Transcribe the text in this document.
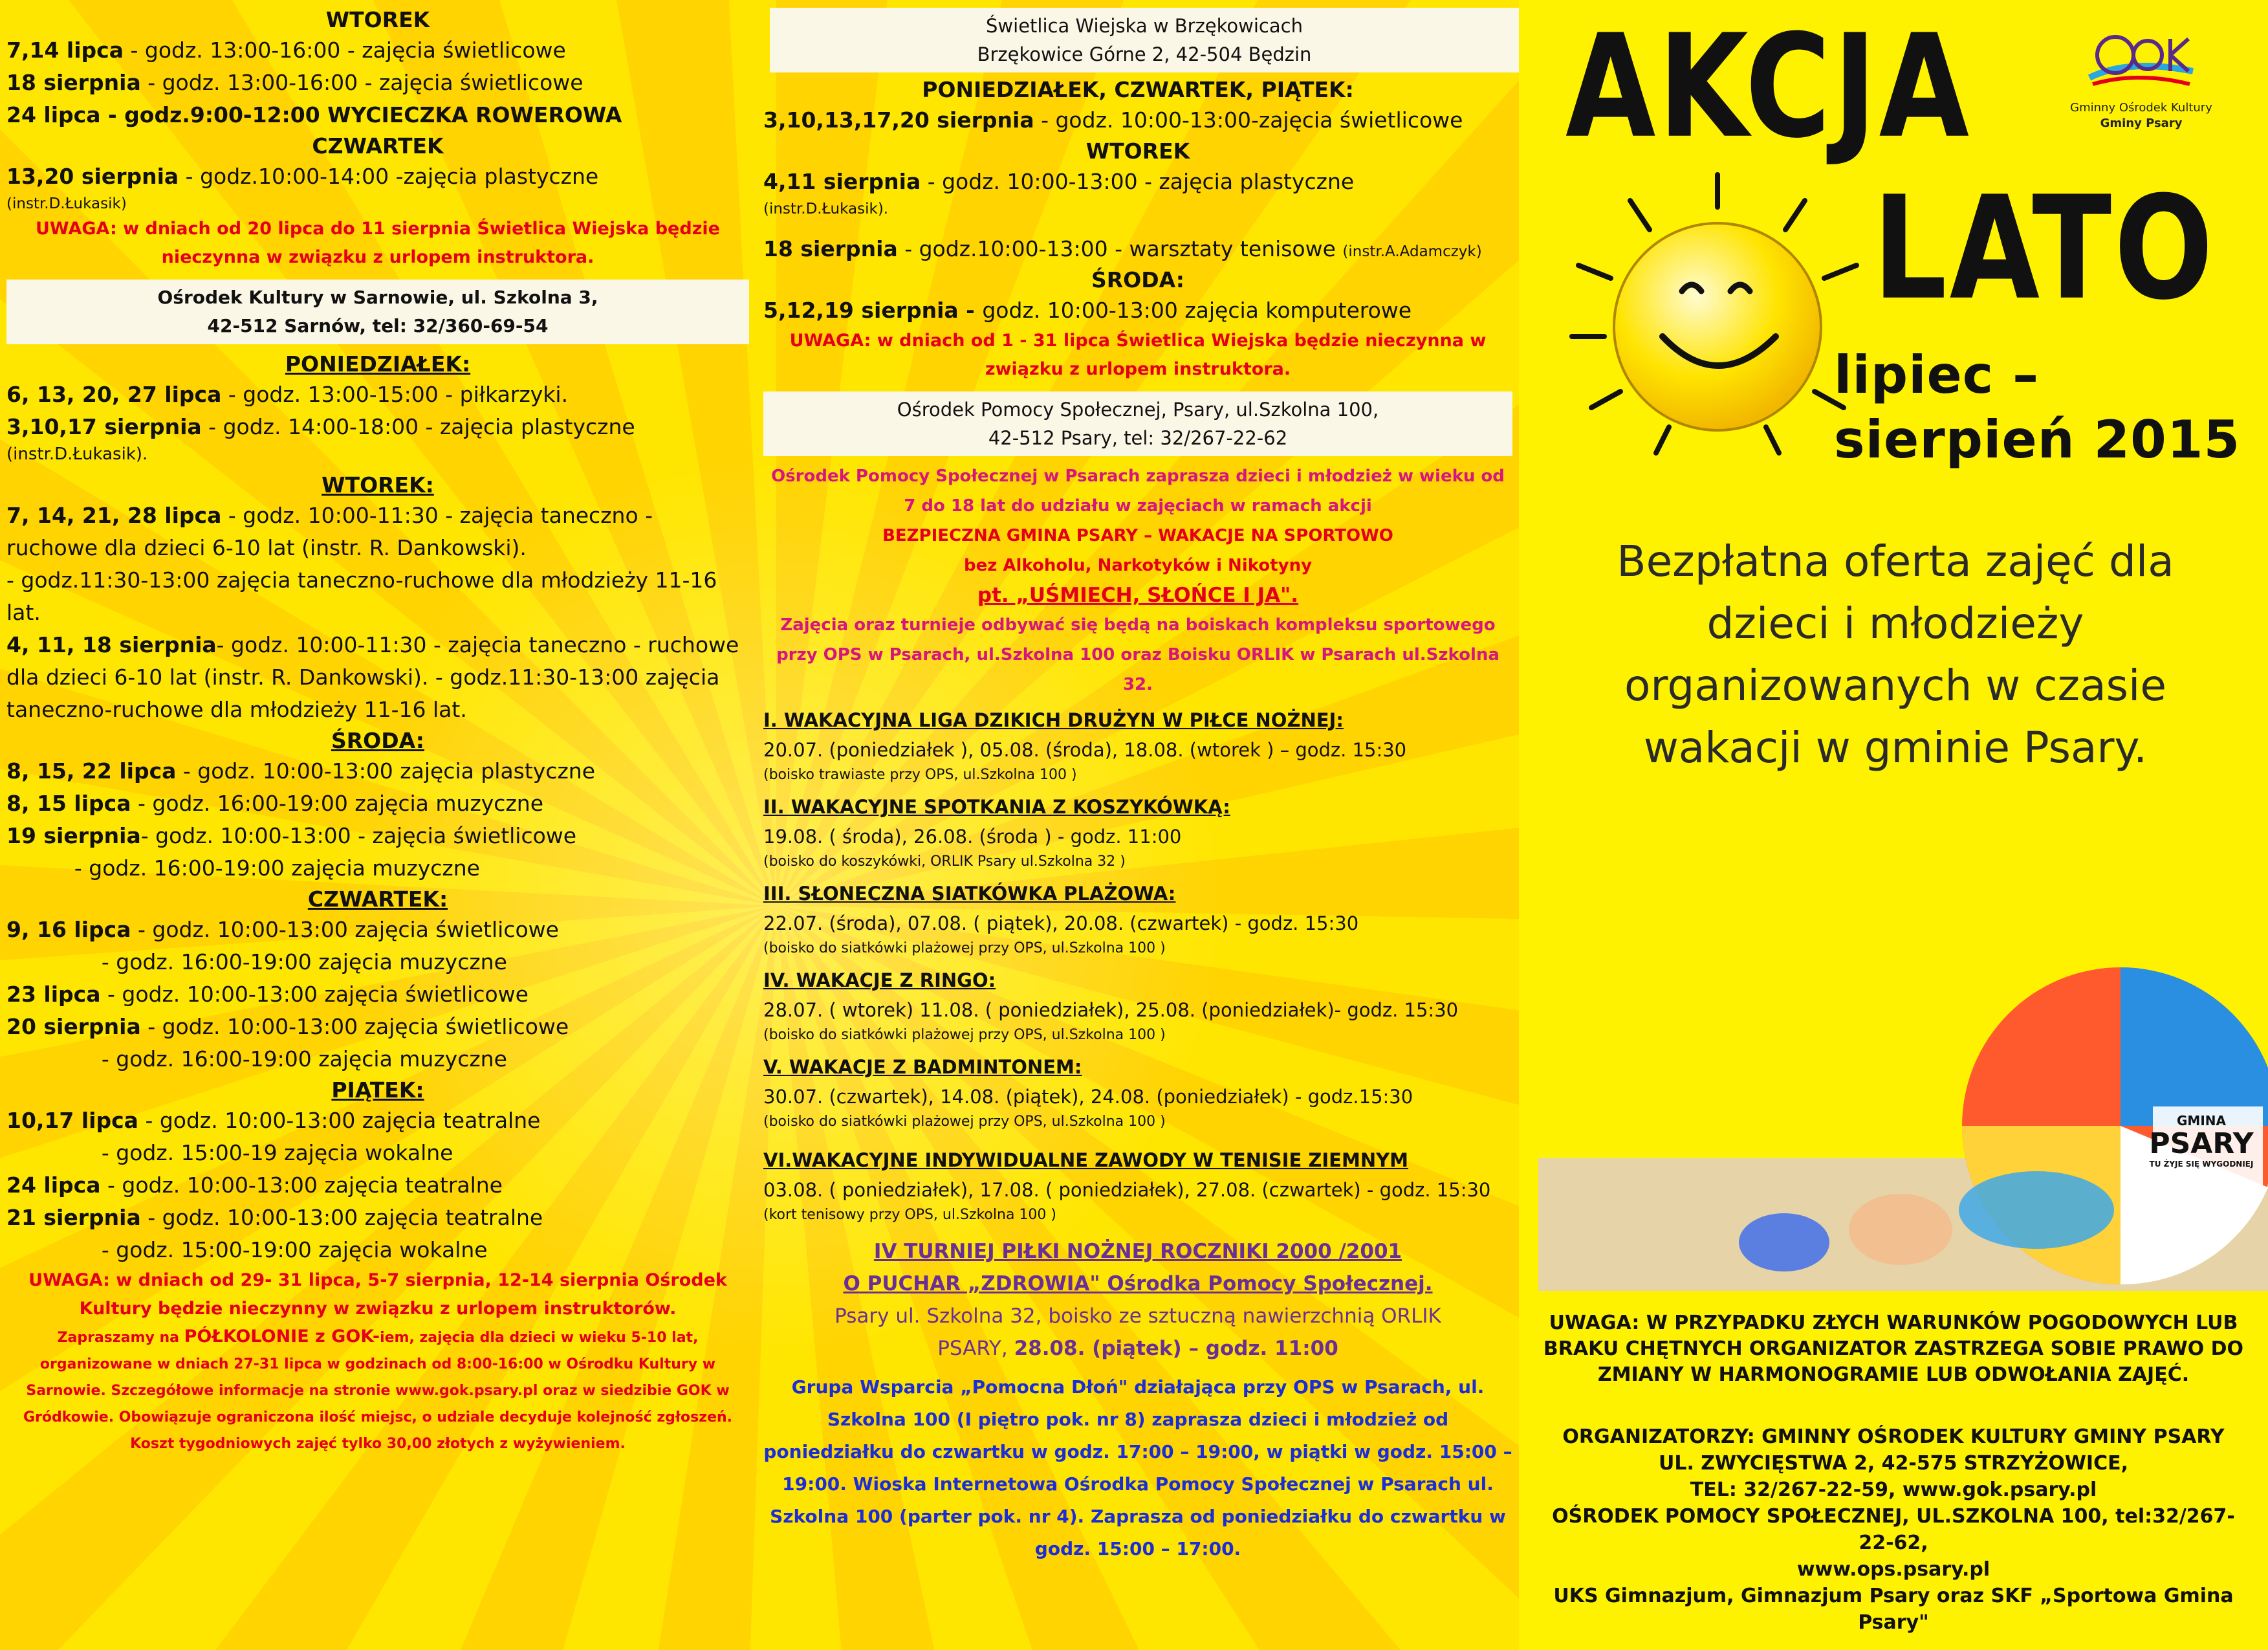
WTOREK
7,14 lipca - godz. 13:00-16:00 - zajęcia świetlicowe
18 sierpnia - godz. 13:00-16:00 - zajęcia świetlicowe
24 lipca - godz.9:00-12:00 WYCIECZKA ROWEROWA
CZWARTEK
13,20 sierpnia - godz.10:00-14:00 -zajęcia plastyczne
(instr.D.Łukasik)
UWAGA: w dniach od 20 lipca do 11 sierpnia Świetlica Wiejska będzie nieczynna w związku z urlopem instruktora.
Ośrodek Kultury w Sarnowie, ul. Szkolna 3,
42-512 Sarnów, tel: 32/360-69-54
PONIEDZIAŁEK:
6, 13, 20, 27 lipca - godz. 13:00-15:00 - piłkarzyki.
3,10,17 sierpnia - godz. 14:00-18:00 - zajęcia plastyczne
(instr.D.Łukasik).
WTOREK:
7, 14, 21, 28 lipca - godz. 10:00-11:30 - zajęcia taneczno - ruchowe dla dzieci 6-10 lat (instr. R. Dankowski).
- godz.11:30-13:00 zajęcia taneczno-ruchowe dla młodzieży 11-16 lat.
4, 11, 18 sierpnia- godz. 10:00-11:30 - zajęcia taneczno - ruchowe dla dzieci 6-10 lat (instr. R. Dankowski). - godz.11:30-13:00 zajęcia taneczno-ruchowe dla młodzieży 11-16 lat.
ŚRODA:
8, 15, 22 lipca - godz. 10:00-13:00 zajęcia plastyczne
8, 15 lipca - godz. 16:00-19:00 zajęcia muzyczne
19 sierpnia- godz. 10:00-13:00 - zajęcia świetlicowe
- godz. 16:00-19:00 zajęcia muzyczne
CZWARTEK:
9, 16 lipca - godz. 10:00-13:00 zajęcia świetlicowe
- godz. 16:00-19:00 zajęcia muzyczne
23 lipca - godz. 10:00-13:00 zajęcia świetlicowe
20 sierpnia - godz. 10:00-13:00 zajęcia świetlicowe
- godz. 16:00-19:00 zajęcia muzyczne
PIĄTEK:
10,17 lipca - godz. 10:00-13:00 zajęcia teatralne
- godz. 15:00-19 zajęcia wokalne
24 lipca - godz. 10:00-13:00 zajęcia teatralne
21 sierpnia - godz. 10:00-13:00 zajęcia teatralne
- godz. 15:00-19:00 zajęcia wokalne
UWAGA: w dniach od 29- 31 lipca, 5-7 sierpnia, 12-14 sierpnia Ośrodek Kultury będzie nieczynny w związku z urlopem instruktorów.
Zapraszamy na PÓŁKOLONIE z GOK-iem, zajęcia dla dzieci w wieku 5-10 lat, organizowane w dniach 27-31 lipca w godzinach od 8:00-16:00 w Ośrodku Kultury w Sarnowie. Szczegółowe informacje na stronie www.gok.psary.pl oraz w siedzibie GOK w Gródkowie. Obowiązuje ograniczona ilość miejsc, o udziale decyduje kolejność zgłoszeń. Koszt tygodniowych zajęć tylko 30,00 złotych z wyżywieniem.
Świetlica Wiejska w Brzękowicach
Brzękowice Górne 2, 42-504 Będzin
PONIEDZIAŁEK, CZWARTEK, PIĄTEK:
3,10,13,17,20 sierpnia - godz. 10:00-13:00-zajęcia świetlicowe
WTOREK
4,11 sierpnia - godz. 10:00-13:00 - zajęcia plastyczne
(instr.D.Łukasik).
18 sierpnia - godz.10:00-13:00 - warsztaty tenisowe (instr.A.Adamczyk)
ŚRODA:
5,12,19 sierpnia - godz. 10:00-13:00 zajęcia komputerowe
UWAGA: w dniach od 1 - 31 lipca Świetlica Wiejska będzie nieczynna w związku z urlopem instruktora.
Ośrodek Pomocy Społecznej, Psary, ul.Szkolna 100,
42-512 Psary, tel: 32/267-22-62
Ośrodek Pomocy Społecznej w Psarach zaprasza dzieci i młodzież w wieku od 7 do 18 lat do udziału w zajęciach w ramach akcji
BEZPIECZNA GMINA PSARY – WAKACJE NA SPORTOWO
bez Alkoholu, Narkotyków i Nikotyny
pt. „UŚMIECH, SŁOŃCE I JA".
Zajęcia oraz turnieje odbywać się będą na boiskach kompleksu sportowego przy OPS w Psarach, ul.Szkolna 100 oraz Boisku ORLIK w Psarach ul.Szkolna 32.
I. WAKACYJNA LIGA DZIKICH DRUŻYN W PIŁCE NOŻNEJ:
20.07. (poniedziałek ), 05.08. (środa), 18.08. (wtorek ) – godz. 15:30
(boisko trawiaste przy OPS, ul.Szkolna 100 )
II. WAKACYJNE SPOTKANIA Z KOSZYKÓWKĄ:
19.08. ( środa), 26.08. (środa ) - godz. 11:00
(boisko do koszykówki, ORLIK Psary ul.Szkolna 32 )
III. SŁONECZNA SIATKÓWKA PLAŻOWA:
22.07. (środa), 07.08. ( piątek), 20.08. (czwartek) - godz. 15:30
(boisko do siatkówki plażowej przy OPS, ul.Szkolna 100 )
IV. WAKACJE Z RINGO:
28.07. ( wtorek) 11.08. ( poniedziałek), 25.08. (poniedziałek)- godz. 15:30
(boisko do siatkówki plażowej przy OPS, ul.Szkolna 100 )
V. WAKACJE Z BADMINTONEM:
30.07. (czwartek), 14.08. (piątek), 24.08. (poniedziałek) - godz.15:30
(boisko do siatkówki plażowej przy OPS, ul.Szkolna 100 )
VI.WAKACYJNE INDYWIDUALNE ZAWODY W TENISIE ZIEMNYM
03.08. ( poniedziałek), 17.08. ( poniedziałek), 27.08. (czwartek) - godz. 15:30
(kort tenisowy przy OPS, ul.Szkolna 100 )
IV TURNIEJ PIŁKI NOŻNEJ ROCZNIKI 2000 /2001
O PUCHAR „ZDROWIA" Ośrodka Pomocy Społecznej.
Psary ul. Szkolna 32, boisko ze sztuczną nawierzchnią ORLIK
PSARY, 28.08. (piątek) – godz. 11:00
Grupa Wsparcia „Pomocna Dłoń" działająca przy OPS w Psarach, ul. Szkolna 100 (I piętro pok. nr 8) zaprasza dzieci i młodzież od poniedziałku do czwartku w godz. 17:00 – 19:00, w piątki w godz. 15:00 – 19:00. Wioska Internetowa Ośrodka Pomocy Społecznej w Psarach ul. Szkolna 100 (parter pok. nr 4). Zaprasza od poniedziałku do czwartku w godz. 15:00 – 17:00.
AKCJA
LATO
lipiec – sierpień 2015
Gminny Ośrodek Kultury
Gminy Psary
Bezpłatna oferta zajęć dla dzieci i młodzieży organizowanych w czasie wakacji w gminie Psary.
GMINA
PSARY
TU ŻYJE SIĘ WYGODNIEJ
UWAGA: W PRZYPADKU ZŁYCH WARUNKÓW POGODOWYCH LUB BRAKU CHĘTNYCH ORGANIZATOR ZASTRZEGA SOBIE PRAWO DO ZMIANY W HARMONOGRAMIE LUB ODWOŁANIA ZAJĘĆ.
ORGANIZATORZY: GMINNY OŚRODEK KULTURY GMINY PSARY
UL. ZWYCIĘSTWA 2, 42-575 STRZYŻOWICE,
TEL: 32/267-22-59, www.gok.psary.pl
OŚRODEK POMOCY SPOŁECZNEJ, UL.SZKOLNA 100, tel:32/267-22-62,
www.ops.psary.pl
UKS Gimnazjum, Gimnazjum Psary oraz SKF „Sportowa Gmina Psary"
